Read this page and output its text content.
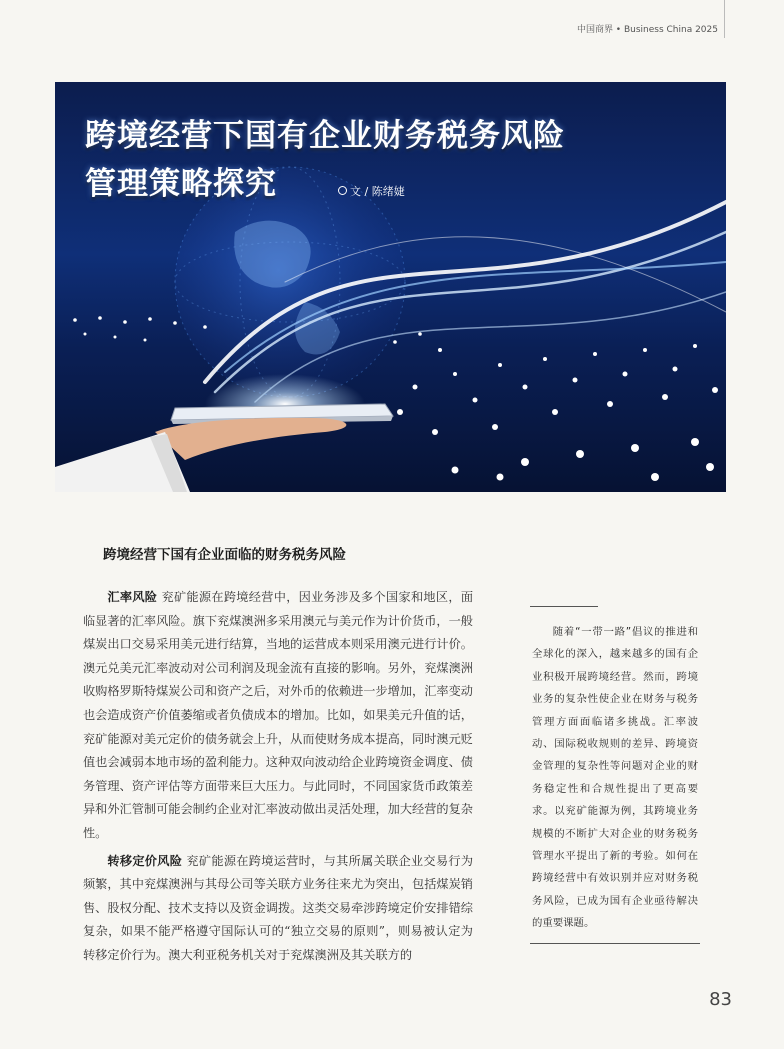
中国商界 • Business China 2025
跨境经营下国有企业财务税务风险
管理策略探究	文 ∕ 陈绪婕
跨境经营下国有企业面临的财务税务风险

汇率风险 兖矿能源在跨境经营中，因业务涉及多个国家和地区，面临显著的汇率风险。旗下兖煤澳洲多采用澳元与美元作为计价货币，一般煤炭出口交易采用美元进行结算，当地的运营成本则采用澳元进行计价。澳元兑美元汇率波动对公司利润及现金流有直接的影响。另外，兖煤澳洲收购格罗斯特煤炭公司和资产之后，对外币的依赖进一步增加，汇率变动也会造成资产价值萎缩或者负债成本的增加。比如，如果美元升值的话，兖矿能源对美元定价的债务就会上升，从而使财务成本提高，同时澳元贬值也会减弱本地市场的盈利能力。这种双向波动给企业跨境资金调度、债务管理、资产评估等方面带来巨大压力。与此同时，不同国家货币政策差异和外汇管制可能会制约企业对汇率波动做出灵活处理，加大经营的复杂性。

转移定价风险 兖矿能源在跨境运营时，与其所属关联企业交易行为频繁，其中兖煤澳洲与其母公司等关联方业务往来尤为突出，包括煤炭销售、股权分配、技术支持以及资金调拨。这类交易牵涉跨境定价安排错综复杂，如果不能严格遵守国际认可的“独立交易的原则”，则易被认定为转移定价行为。澳大利亚税务机关对于兖煤澳洲及其关联方的

随着“一带一路”倡议的推进和全球化的深入，越来越多的国有企业积极开展跨境经营。然而，跨境业务的复杂性使企业在财务与税务管理方面面临诸多挑战。汇率波动、国际税收规则的差异、跨境资金管理的复杂性等问题对企业的财务稳定性和合规性提出了更高要求。以兖矿能源为例，其跨境业务规模的不断扩大对企业的财务税务管理水平提出了新的考验。如何在跨境经营中有效识别并应对财务税务风险，已成为国有企业亟待解决的重要课题。

83
